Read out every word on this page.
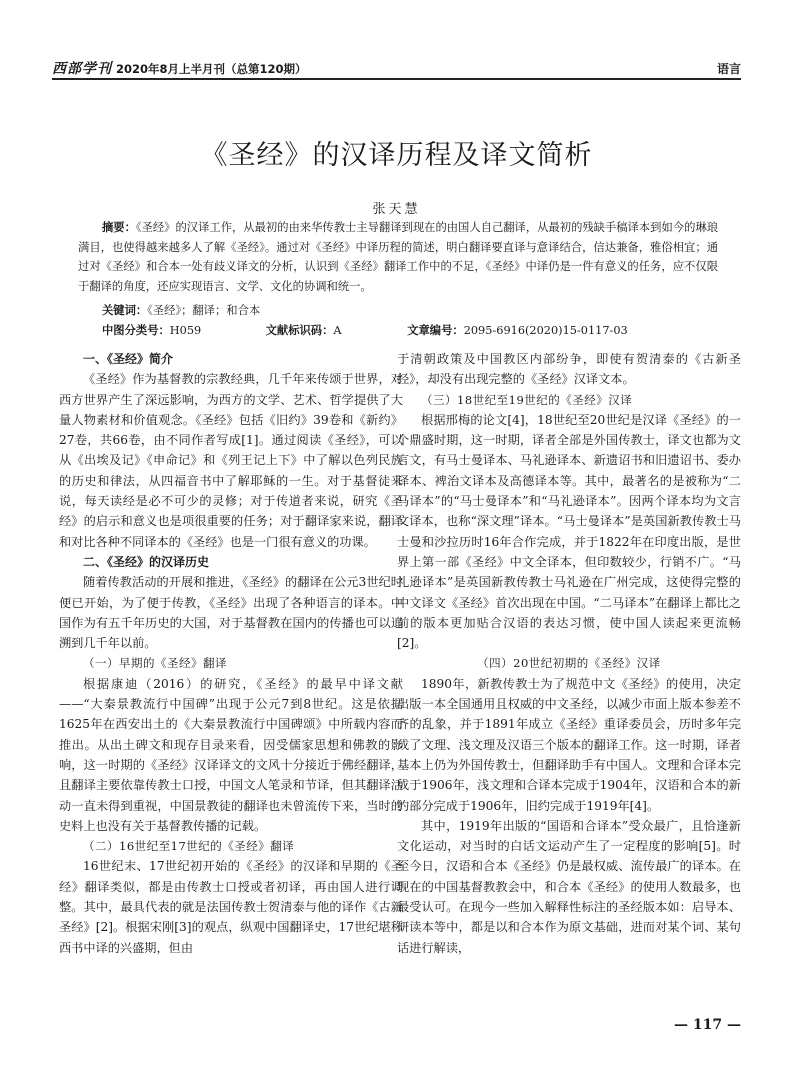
西部学刊 2020年8月上半月刊（总第120期）	语言
《圣经》的汉译历程及译文简析
张天慧
摘要：《圣经》的汉译工作，从最初的由来华传教士主导翻译到现在的由国人自己翻译，从最初的残缺手稿译本到如今的琳琅满目，也使得越来越多人了解《圣经》。通过对《圣经》中译历程的简述，明白翻译要直译与意译结合，信达兼备，雅俗相宜；通过对《圣经》和合本一处有歧义译文的分析，认识到《圣经》翻译工作中的不足，《圣经》中译仍是一件有意义的任务，应不仅限于翻译的角度，还应实现语言、文学、文化的协调和统一。
关键词：《圣经》；翻译；和合本
中图分类号：H059	文献标识码：A	文章编号：2095-6916(2020)15-0117-03
一、《圣经》简介

《圣经》作为基督教的宗教经典，几千年来传颂于世界，对西方世界产生了深远影响，为西方的文学、艺术、哲学提供了大量人物素材和价值观念。《圣经》包括《旧约》39卷和《新约》27卷，共66卷，由不同作者写成[1]。通过阅读《圣经》，可以从《出埃及记》《申命记》和《列王记上下》中了解以色列民族的历史和律法，从四福音书中了解耶稣的一生。对于基督徒来说，每天读经是必不可少的灵修；对于传道者来说，研究《圣经》的启示和意义也是项很重要的任务；对于翻译家来说，翻译和对比各种不同译本的《圣经》也是一门很有意义的功课。

二、《圣经》的汉译历史

随着传教活动的开展和推进，《圣经》的翻译在公元3世纪时便已开始，为了便于传教，《圣经》出现了各种语言的译本。中国作为有五千年历史的大国，对于基督教在国内的传播也可以追溯到几千年以前。

（一）早期的《圣经》翻译

根据康迪（2016）的研究，《圣经》的最早中译文献——“大秦景教流行中国碑”出现于公元7到8世纪。这是依据1625年在西安出土的《大秦景教流行中国碑颂》中所载内容而推出。从出土碑文和现存目录来看，因受儒家思想和佛教的影响，这一时期的《圣经》汉译译文的文风十分接近于佛经翻译，且翻译主要依靠传教士口授，中国文人笔录和节译，但其翻译活动一直未得到重视，中国景教徒的翻译也未曾流传下来，当时的史料上也没有关于基督教传播的记载。

（二）16世纪至17世纪的《圣经》翻译

16世纪末、17世纪初开始的《圣经》的汉译和早期的《圣经》翻译类似，都是由传教士口授或者初译，再由国人进行调整。其中，最具代表的就是法国传教士贺清泰与他的译作《古新圣经》[2]。根据宋刚[3]的观点，纵观中国翻译史，17世纪堪称西书中译的兴盛期，但由

于清朝政策及中国教区内部纷争，即使有贺清泰的《古新圣经》，却没有出现完整的《圣经》汉译文本。

（三）18世纪至19世纪的《圣经》汉译

根据邢梅的论文[4]，18世纪至20世纪是汉译《圣经》的一个鼎盛时期，这一时期，译者全部是外国传教士，译文也都为文言文，有马士曼译本、马礼逊译本、新遗诏书和旧遗诏书、委办译本、裨治文译本及高德译本等。其中，最著名的是被称为“二马译本”的“马士曼译本”和“马礼逊译本”。因两个译本均为文言文译本，也称“深文理”译本。“马士曼译本”是英国新教传教士马士曼和沙拉历时16年合作完成，并于1822年在印度出版，是世界上第一部《圣经》中文全译本，但印数较少，行销不广。“马礼逊译本”是英国新教传教士马礼逊在广州完成，这使得完整的中文译文《圣经》首次出现在中国。“二马译本”在翻译上都比之前的版本更加贴合汉语的表达习惯，使中国人读起来更流畅[2]。

（四）20世纪初期的《圣经》汉译

1890年，新教传教士为了规范中文《圣经》的使用，决定出版一本全国通用且权威的中文圣经，以减少市面上版本参差不齐的乱象，并于1891年成立《圣经》重译委员会，历时多年完成了文理、浅文理及汉语三个版本的翻译工作。这一时期，译者基本上仍为外国传教士，但翻译助手有中国人。文理和合译本完成于1906年，浅文理和合译本完成于1904年，汉语和合本的新约部分完成于1906年，旧约完成于1919年[4]。

其中，1919年出版的“国语和合译本”受众最广，且恰逢新文化运动，对当时的白话文运动产生了一定程度的影响[5]。时至今日，汉语和合本《圣经》仍是最权威、流传最广的译本。在现在的中国基督教教会中，和合本《圣经》的使用人数最多，也最受认可。在现今一些加入解释性标注的圣经版本如：启导本、研读本等中，都是以和合本作为原文基础，进而对某个词、某句话进行解读，

— 117 —
